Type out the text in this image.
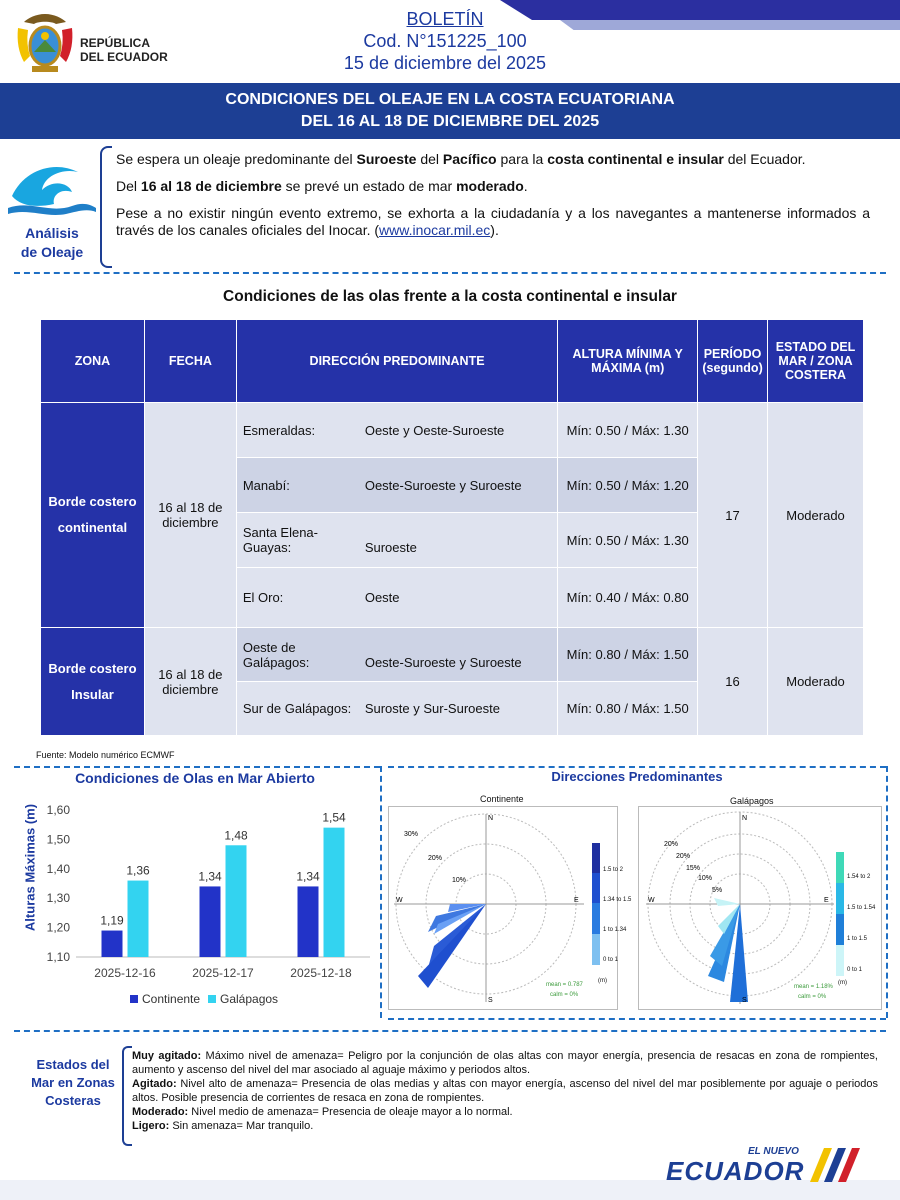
REPÚBLICA
DEL ECUADOR
BOLETÍN
Cod. N°151225_100
15 de diciembre del 2025
CONDICIONES DEL OLEAJE EN LA COSTA ECUATORIANA
DEL 16 AL 18 DE DICIEMBRE DEL 2025
Análisis
de Oleaje

Se espera un oleaje predominante del Suroeste del Pacífico para la costa continental e insular del Ecuador.

Del 16 al 18 de diciembre se prevé un estado de mar moderado.

Pese a no existir ningún evento extremo, se exhorta a la ciudadanía y a los navegantes a mantenerse informados a través de los canales oficiales del Inocar. (www.inocar.mil.ec).

Condiciones de las olas frente a la costa continental e insular
ZONA	FECHA	DIRECCIÓN PREDOMINANTE	ALTURA MÍNIMA Y MÁXIMA (m)	PERÍODO (segundo)	ESTADO DEL MAR / ZONA COSTERA

Borde costero
continental	16 al 18 de diciembre	Esmeraldas: Oeste y Oeste-Suroeste	Mín: 0.50 / Máx: 1.30	17	Moderado
		Manabí: Oeste-Suroeste y Suroeste	Mín: 0.50 / Máx: 1.20		
		Santa Elena-Guayas: Suroeste	Mín: 0.50 / Máx: 1.30		
		El Oro: Oeste	Mín: 0.40 / Máx: 0.80		

Borde costero
Insular	16 al 18 de diciembre	Oeste de Galápagos: Oeste-Suroeste y Suroeste	Mín: 0.80 / Máx: 1.50	16	Moderado
		Sur de Galápagos: Suroste y Sur-Suroeste	Mín: 0.80 / Máx: 1.50		
Fuente: Modelo numérico ECMWF
Condiciones de Olas en Mar Abierto
Alturas Máximas (m)
1,10
1,20
1,30
1,40
1,50
1,60
1,19
1,36	1,34
1,48
1,34
1,54
2025-12-16	2025-12-17	2025-12-18
Continente Galápagos
Direcciones Predominantes
Continente
30%
20%
10%
N
E
S
W
mean = 0.787
calm = 0%
1.5 to 2
1.34 to 1.5
1 to 1.34
0 to 1
(m)
Galápagos
20%
20%
15%
10%
5%
N
E
S
W
mean = 1.18%
calm = 0%
1.54 to 2
1.5 to 1.54
1 to 1.5
0 to 1
(m)
Estados del
Mar en Zonas
Costeras

Muy agitado: Máximo nivel de amenaza= Peligro por la conjunción de olas altas con mayor energía, presencia de resacas en zona de rompientes, aumento y ascenso del nivel del mar asociado al aguaje máximo y periodos altos.

Agitado: Nivel alto de amenaza= Presencia de olas medias y altas con mayor energía, ascenso del nivel del mar posiblemente por aguaje o periodos altos. Posible presencia de corrientes de resaca en zona de rompientes.

Moderado: Nivel medio de amenaza= Presencia de oleaje mayor a lo normal.

Ligero: Sin amenaza= Mar tranquilo.

EL NUEVO
ECUADOR
